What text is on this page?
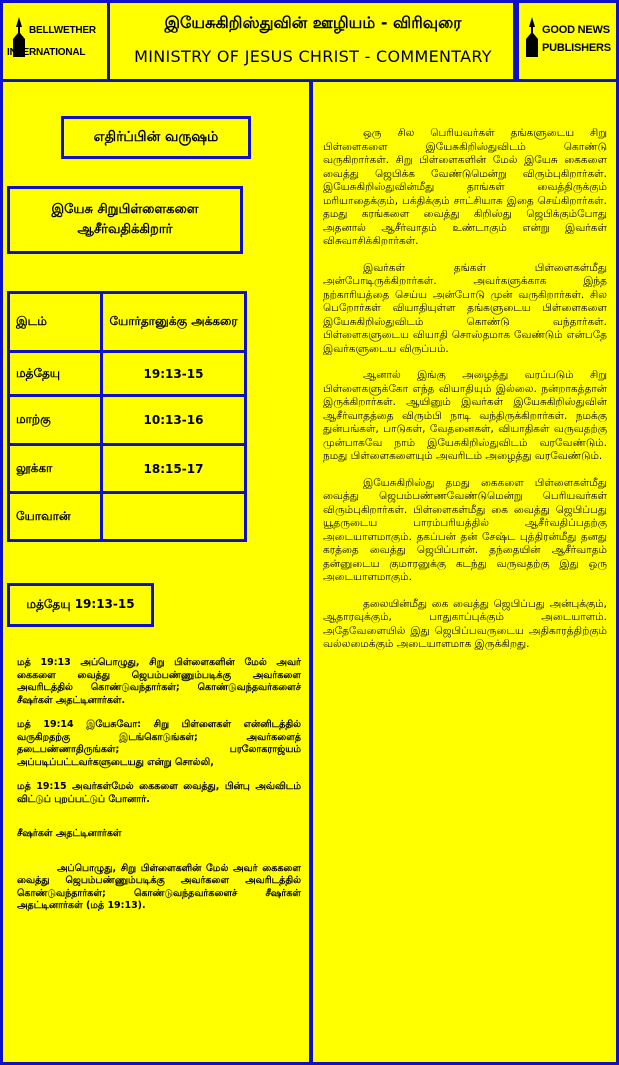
BELLWETHER
INTERNATIONAL
இயேசுகிறிஸ்துவின் ஊழியம் - விரிவுரை
MINISTRY OF JESUS CHRIST - COMMENTARY
GOOD NEWS
PUBLISHERS
எதிர்ப்பின் வருஷம்
இயேசு சிறுபிள்ளைகளை ஆசீர்வதிக்கிறார்
இடம்	யோர்தானுக்கு அக்கரை
மத்தேயு	19:13-15
மாற்கு	10:13-16
லூக்கா	18:15-17
யோவான்	
மத்தேயு 19:13-15

மத் 19:13 அப்பொழுது, சிறு பிள்ளைகளின் மேல் அவர் கைகளை வைத்து ஜெபம்பண்ணும்படிக்கு அவர்களை அவரிடத்தில் கொண்டுவந்தார்கள்; கொண்டுவந்தவர்களைச் சீஷர்கள் அதட்டினார்கள்.

மத் 19:14 இயேசுவோ: சிறு பிள்ளைகள் என்னிடத்தில் வருகிறதற்கு இடங்கொடுங்கள்; அவர்களைத் தடைபண்ணாதிருங்கள்; பரலோகராஜ்யம் அப்படிப்பட்டவர்களுடையது என்று சொல்லி,

மத் 19:15 அவர்கள்மேல் கைகளை வைத்து, பின்பு அவ்விடம் விட்டுப் புறப்பட்டுப் போனார்.

சீஷர்கள் அதட்டினார்கள்

அப்பொழுது, சிறு பிள்ளைகளின் மேல் அவர் கைகளை வைத்து ஜெபம்பண்ணும்படிக்கு அவர்களை அவரிடத்தில் கொண்டுவந்தார்கள்; கொண்டுவந்தவர்களைச் சீஷர்கள் அதட்டினார்கள் (மத் 19:13).

ஒரு சில பெரியவர்கள் தங்களுடைய சிறு பிள்ளைகளை இயேசுகிறிஸ்துவிடம் கொண்டு வருகிறார்கள். சிறு பிள்ளைகளின் மேல் இயேசு கைகளை வைத்து ஜெபிக்க வேண்டுமென்று விரும்புகிறார்கள். இயேசுகிறிஸ்துவின்மீது தாங்கள் வைத்திருக்கும் மரியாதைக்கும், பக்திக்கும் சாட்சியாக இதை செய்கிறார்கள். தமது கரங்களை வைத்து கிறிஸ்து ஜெபிக்கும்போது அதனால் ஆசீர்வாதம் உண்டாகும் என்று இவர்கள் விசுவாசிக்கிறார்கள்.

இவர்கள் தங்கள் பிள்ளைகள்மீது அன்போடிருக்கிறார்கள். அவர்களுக்காக இந்த நற்காரியத்தை செய்ய அன்போடு முன் வருகிறார்கள். சில பெறோர்கள் வியாதியுள்ள தங்களுடைய பிள்ளைகளை இயேசுகிறிஸ்துவிடம் கொண்டு வந்தார்கள். பிள்ளைகளுடைய வியாதி சொஸ்தமாக வேண்டும் என்பதே இவர்களுடைய விருப்பம்.

ஆனால் இங்கு அழைத்து வரப்படும் சிறு பிள்ளைகளுக்கோ எந்த வியாதியும் இல்லை. நன்றாகத்தான் இருக்கிறார்கள். ஆயினும் இவர்கள் இயேசுகிறிஸ்துவின் ஆசீர்வாதத்தை விரும்பி நாடி வந்திருக்கிறார்கள். நமக்கு துன்பங்கள், பாடுகள், வேதனைகள், வியாதிகள் வருவதற்கு முன்பாகவே நாம் இயேசுகிறிஸ்துவிடம் வரவேண்டும். நமது பிள்ளைகளையும் அவரிடம் அழைத்து வரவேண்டும்.

இயேசுகிறிஸ்து தமது கைகளை பிள்ளைகள்மீது வைத்து ஜெபம்பண்ணவேண்டுமென்று பெரியவர்கள் விரும்புகிறார்கள். பிள்ளைகள்மீது கை வைத்து ஜெபிப்பது யூதருடைய பாரம்பரியத்தில் ஆசீர்வதிப்பதற்கு அடையாளமாகும். தகப்பன் தன் சேஷ்ட புத்திரன்மீது தனது கரத்தை வைத்து ஜெபிப்பான். தந்தையின் ஆசீர்வாதம் தன்னுடைய குமாரனுக்கு கடந்து வருவதற்கு இது ஒரு அடையாளமாகும்.

தலையின்மீது கை வைத்து ஜெபிப்பது அன்புக்கும், ஆதாரவுக்கும், பாதுகாப்புக்கும் அடையாளம். அதேவேளையில் இது ஜெபிப்பவருடைய அதிகாரத்திற்கும் வல்லமைக்கும் அடையாளமாக இருக்கிறது.
